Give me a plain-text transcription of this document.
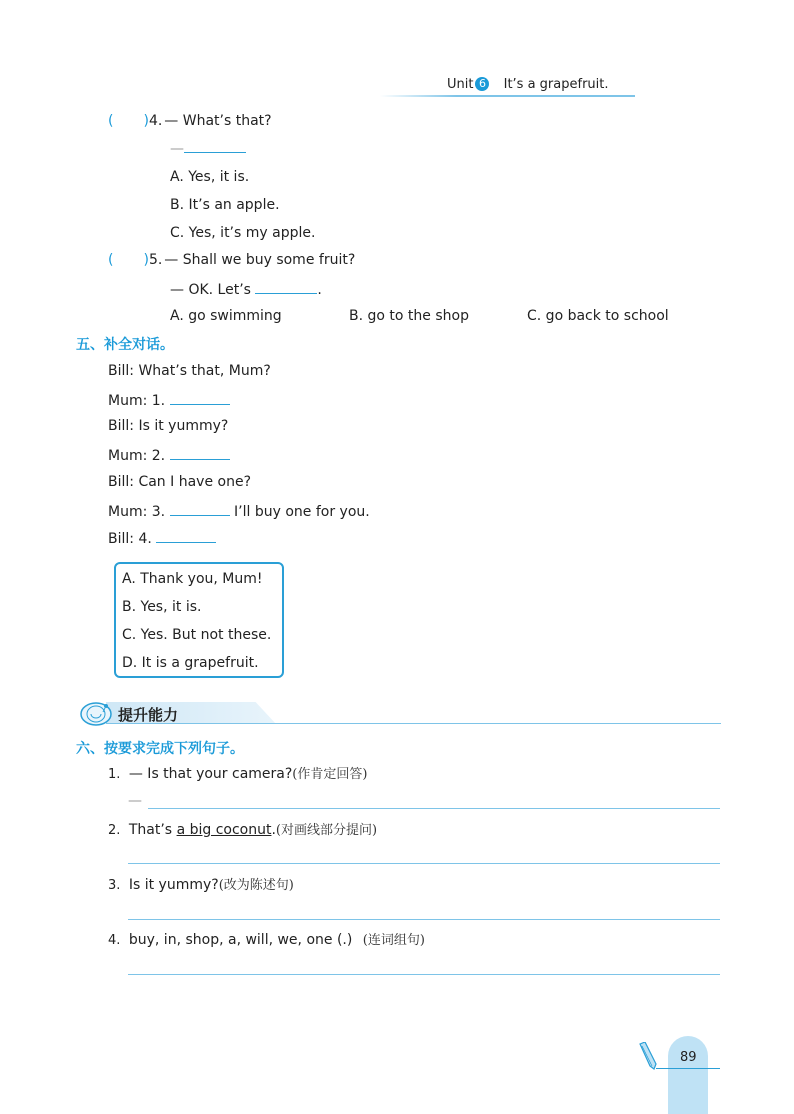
Unit 6 It’s a grapefruit.
( )4. — What’s that?
—
A. Yes, it is.
B. It’s an apple.
C. Yes, it’s my apple.
( )5. — Shall we buy some fruit?
— OK. Let’s	.
A. go swimming	B. go to the shop	C. go back to school
五、补全对话。
Bill: What’s that, Mum?
Mum: 1.
Bill: Is it yummy?
Mum: 2.
Bill: Can I have one?
Mum: 3.	I’ll buy one for you.
Bill: 4.
A. Thank you, Mum!
B. Yes, it is.
C. Yes. But not these.
D. It is a grapefruit.
提升能力
六、按要求完成下列句子。
1. — Is that your camera?(作肯定回答)
—
2. That’s a big coconut.(对画线部分提问)
3. Is it yummy?(改为陈述句)
4. buy, in, shop, a, will, we, one (.) (连词组句)
89
